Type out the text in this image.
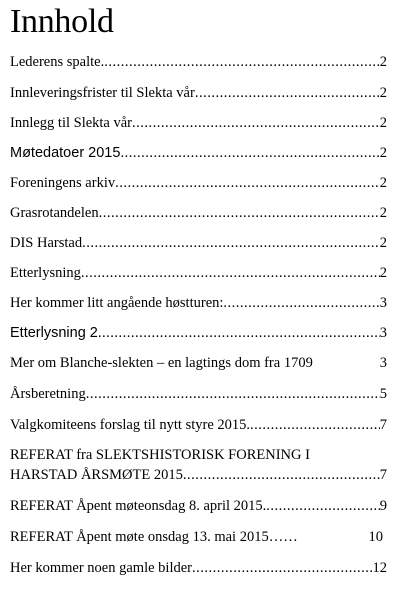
Innhold
Lederens spalte. .....	2
Innleveringsfrister til Slekta vår .....	2
Innlegg til Slekta vår .....	2
Møtedatoer 2015 .....	2
Foreningens arkiv .....	2
Grasrotandelen .....	2
DIS Harstad .....	2
Etterlysning .....	2
Her kommer litt angående høstturen: .....	3
Etterlysning 2 .....	3
Mer om Blanche-slekten – en lagtings dom fra 1709	3
Årsberetning .....	5
Valgkomiteens forslag til nytt styre 2015. .....	7
REFERAT fra SLEKTSHISTORISK FORENING I
HARSTAD ÅRSMØTE 2015 .....	7
REFERAT Åpent møteonsdag 8. april 2015. .....	9
REFERAT Åpent møte onsdag 13. mai 2015……	10
Her kommer noen gamle bilder .....	12
